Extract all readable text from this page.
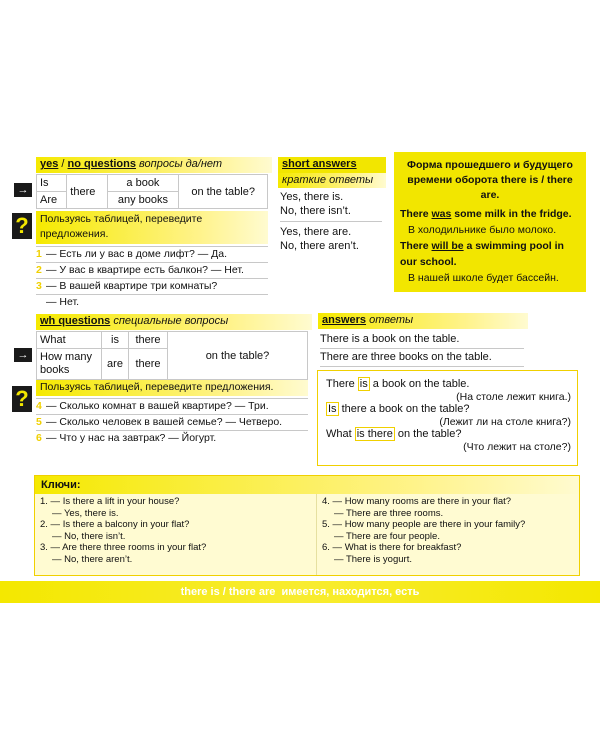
yes / no questions вопросы да/нет
→
Is	there	a book	on the table?
Are		any books	
?	Пользуясь таблицей, переведите предложения.
1 — Есть ли у вас в доме лифт? — Да.
2 — У вас в квартире есть балкон? — Нет.
3 — В вашей квартире три комнаты?
— Нет.
short answers
краткие ответы
Yes, there is.
No, there isn’t.
Yes, there are.
No, there aren’t.
Форма прошедшего и будущего времени оборота there is / there are.
There was some milk in the fridge.
В холодильнике было молоко.
There will be a swimming pool in our school.
В нашей школе будет бассейн.
wh questions специальные вопросы
→
What	is	there	on the table?
How many books	are	there	
?	Пользуясь таблицей, переведите предложения.
4 — Сколько комнат в вашей квартире? — Три.
5 — Сколько человек в вашей семье? — Четверо.
6 — Что у нас на завтрак? — Йогурт.
answers ответы
There is a book on the table.
There are three books on the table.
There is a book on the table.
(На столе лежит книга.)
Is there a book on the table?
(Лежит ли на столе книга?)
What is there on the table?
(Что лежит на столе?)
Ключи:
1. — Is there a lift in your house?
— Yes, there is.
2. — Is there a balcony in your flat?
— No, there isn’t.
3. — Are there three rooms in your flat?
— No, there aren’t.
4. — How many rooms are there in your flat?
— There are three rooms.
5. — How many people are there in your family?
— There are four people.
6. — What is there for breakfast?
— There is yogurt.
there is / there are имеется, находится, есть
